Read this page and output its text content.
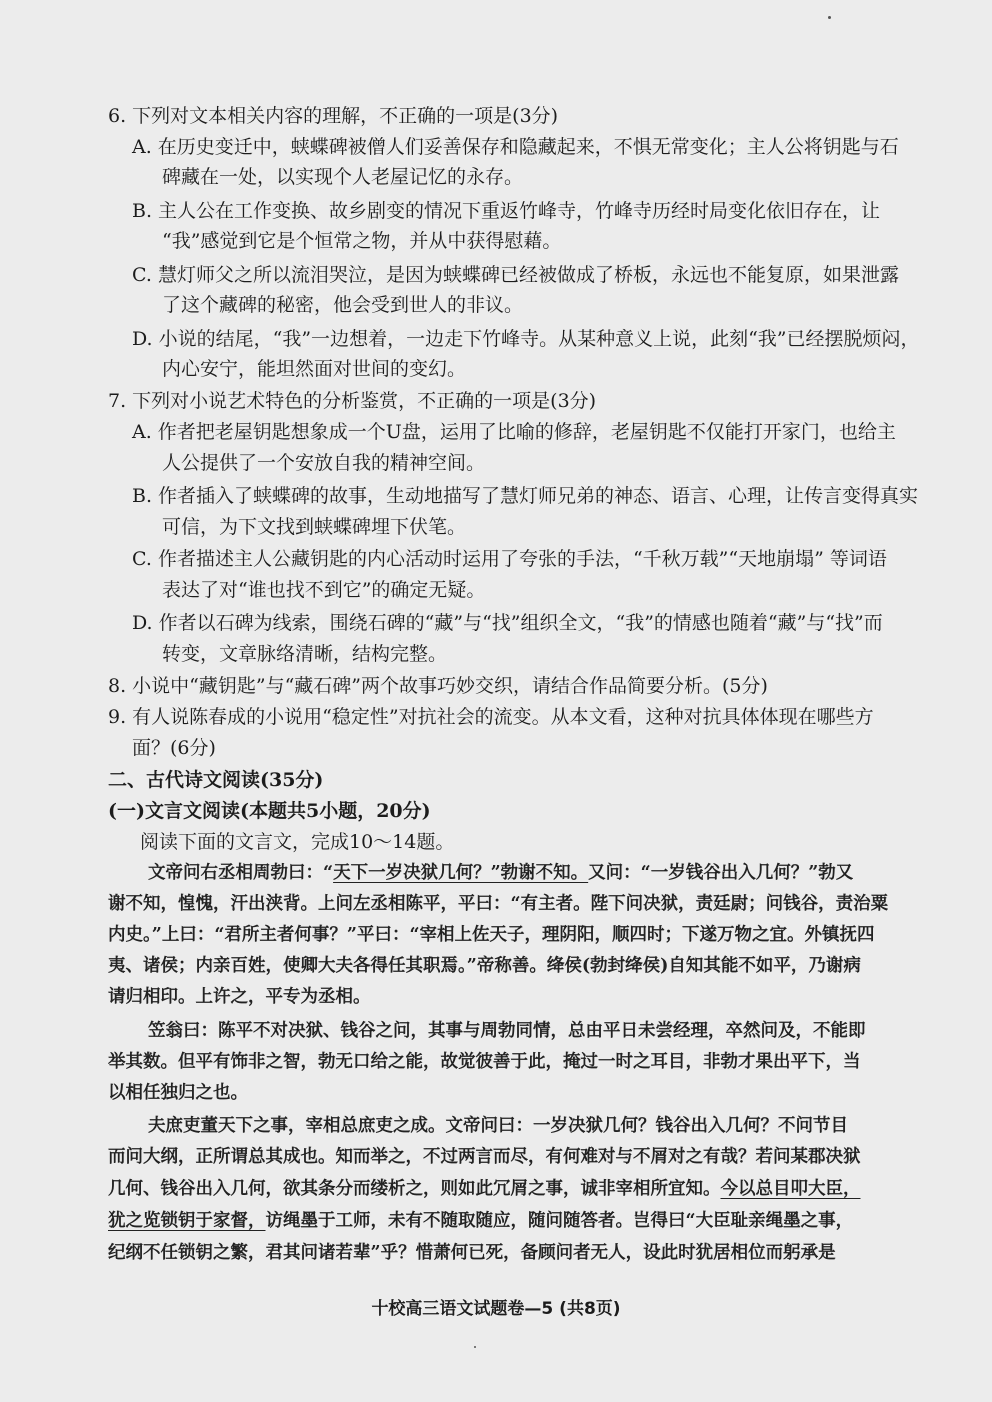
6. 下列对文本相关内容的理解，不正确的一项是(3分)
A. 在历史变迁中，蛱蝶碑被僧人们妥善保存和隐藏起来，不惧无常变化；主人公将钥匙与石
碑藏在一处，以实现个人老屋记忆的永存。
B. 主人公在工作变换、故乡剧变的情况下重返竹峰寺，竹峰寺历经时局变化依旧存在，让
“我”感觉到它是个恒常之物，并从中获得慰藉。
C. 慧灯师父之所以流泪哭泣，是因为蛱蝶碑已经被做成了桥板，永远也不能复原，如果泄露
了这个藏碑的秘密，他会受到世人的非议。
D. 小说的结尾，“我”一边想着，一边走下竹峰寺。从某种意义上说，此刻“我”已经摆脱烦闷，
内心安宁，能坦然面对世间的变幻。
7. 下列对小说艺术特色的分析鉴赏，不正确的一项是(3分)
A. 作者把老屋钥匙想象成一个U盘，运用了比喻的修辞，老屋钥匙不仅能打开家门，也给主
人公提供了一个安放自我的精神空间。
B. 作者插入了蛱蝶碑的故事，生动地描写了慧灯师兄弟的神态、语言、心理，让传言变得真实
可信，为下文找到蛱蝶碑埋下伏笔。
C. 作者描述主人公藏钥匙的内心活动时运用了夸张的手法，“千秋万载”“天地崩塌” 等词语
表达了对“谁也找不到它”的确定无疑。
D. 作者以石碑为线索，围绕石碑的“藏”与“找”组织全文，“我”的情感也随着“藏”与“找”而
转变，文章脉络清晰，结构完整。
8. 小说中“藏钥匙”与“藏石碑”两个故事巧妙交织，请结合作品简要分析。(5分)
9. 有人说陈春成的小说用“稳定性”对抗社会的流变。从本文看，这种对抗具体体现在哪些方
面？(6分)
二、古代诗文阅读(35分)
(一)文言文阅读(本题共5小题，20分)
阅读下面的文言文，完成10～14题。
文帝问右丞相周勃曰：“天下一岁决狱几何？”勃谢不知。又问：“一岁钱谷出入几何？”勃又
谢不知，惶愧，汗出浃背。上问左丞相陈平，平曰：“有主者。陛下问决狱，责廷尉；问钱谷，责治粟
内史。”上曰：“君所主者何事？”平曰：“宰相上佐天子，理阴阳，顺四时；下遂万物之宜。外镇抚四
夷、诸侯；内亲百姓，使卿大夫各得任其职焉。”帝称善。绛侯(勃封绛侯)自知其能不如平，乃谢病
请归相印。上许之，平专为丞相。
笠翁曰：陈平不对决狱、钱谷之问，其事与周勃同情，总由平日未尝经理，卒然问及，不能即
举其数。但平有饰非之智，勃无口给之能，故觉彼善于此，掩过一时之耳目，非勃才果出平下，当
以相任独归之也。
夫庶吏董天下之事，宰相总庶吏之成。文帝问曰：一岁决狱几何？钱谷出入几何？不问节目
而问大纲，正所谓总其成也。知而举之，不过两言而尽，有何难对与不屑对之有哉？若问某郡决狱
几何、钱谷出入几何，欲其条分而缕析之，则如此冗屑之事，诚非宰相所宜知。今以总目叩大臣，
犹之览锁钥于家督，访绳墨于工师，未有不随取随应，随问随答者。岂得曰“大臣耻亲绳墨之事，
纪纲不任锁钥之繁，君其问诸若辈”乎？惜萧何已死，备顾问者无人，设此时犹居相位而躬承是
十校高三语文试题卷—5 (共8页)
